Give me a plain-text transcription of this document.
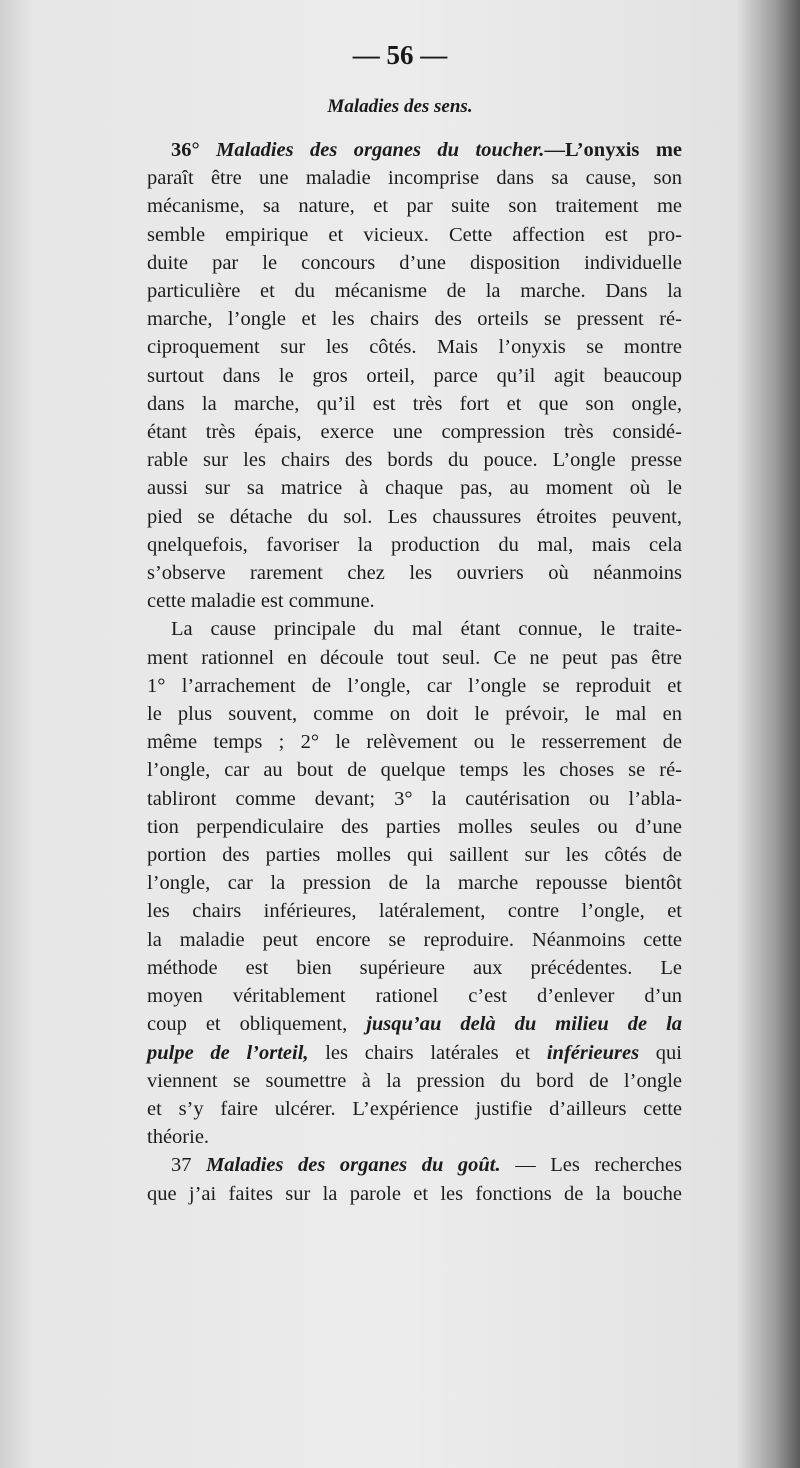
— 56 —
Maladies des sens.
36° Maladies des organes du toucher.—L’onyxis me
paraît être une maladie incomprise dans sa cause, son
mécanisme, sa nature, et par suite son traitement me
semble empirique et vicieux. Cette affection est pro-
duite par le concours d’une disposition individuelle
particulière et du mécanisme de la marche. Dans la
marche, l’ongle et les chairs des orteils se pressent ré-
ciproquement sur les côtés. Mais l’onyxis se montre
surtout dans le gros orteil, parce qu’il agit beaucoup
dans la marche, qu’il est très fort et que son ongle,
étant très épais, exerce une compression très considé-
rable sur les chairs des bords du pouce. L’ongle presse
aussi sur sa matrice à chaque pas, au moment où le
pied se détache du sol. Les chaussures étroites peuvent,
qnelquefois, favoriser la production du mal, mais cela
s’observe rarement chez les ouvriers où néanmoins
cette maladie est commune.
La cause principale du mal étant connue, le traite-
ment rationnel en découle tout seul. Ce ne peut pas être
1° l’arrachement de l’ongle, car l’ongle se reproduit et
le plus souvent, comme on doit le prévoir, le mal en
même temps ; 2° le relèvement ou le resserrement de
l’ongle, car au bout de quelque temps les choses se ré-
tabliront comme devant; 3° la cautérisation ou l’abla-
tion perpendiculaire des parties molles seules ou d’une
portion des parties molles qui saillent sur les côtés de
l’ongle, car la pression de la marche repousse bientôt
les chairs inférieures, latéralement, contre l’ongle, et
la maladie peut encore se reproduire. Néanmoins cette
méthode est bien supérieure aux précédentes. Le
moyen véritablement rationel c’est d’enlever d’un
coup et obliquement, jusqu’au delà du milieu de la
pulpe de l’orteil, les chairs latérales et inférieures qui
viennent se soumettre à la pression du bord de l’ongle
et s’y faire ulcérer. L’expérience justifie d’ailleurs cette
théorie.
37 Maladies des organes du goût. — Les recherches
que j’ai faites sur la parole et les fonctions de la bouche
